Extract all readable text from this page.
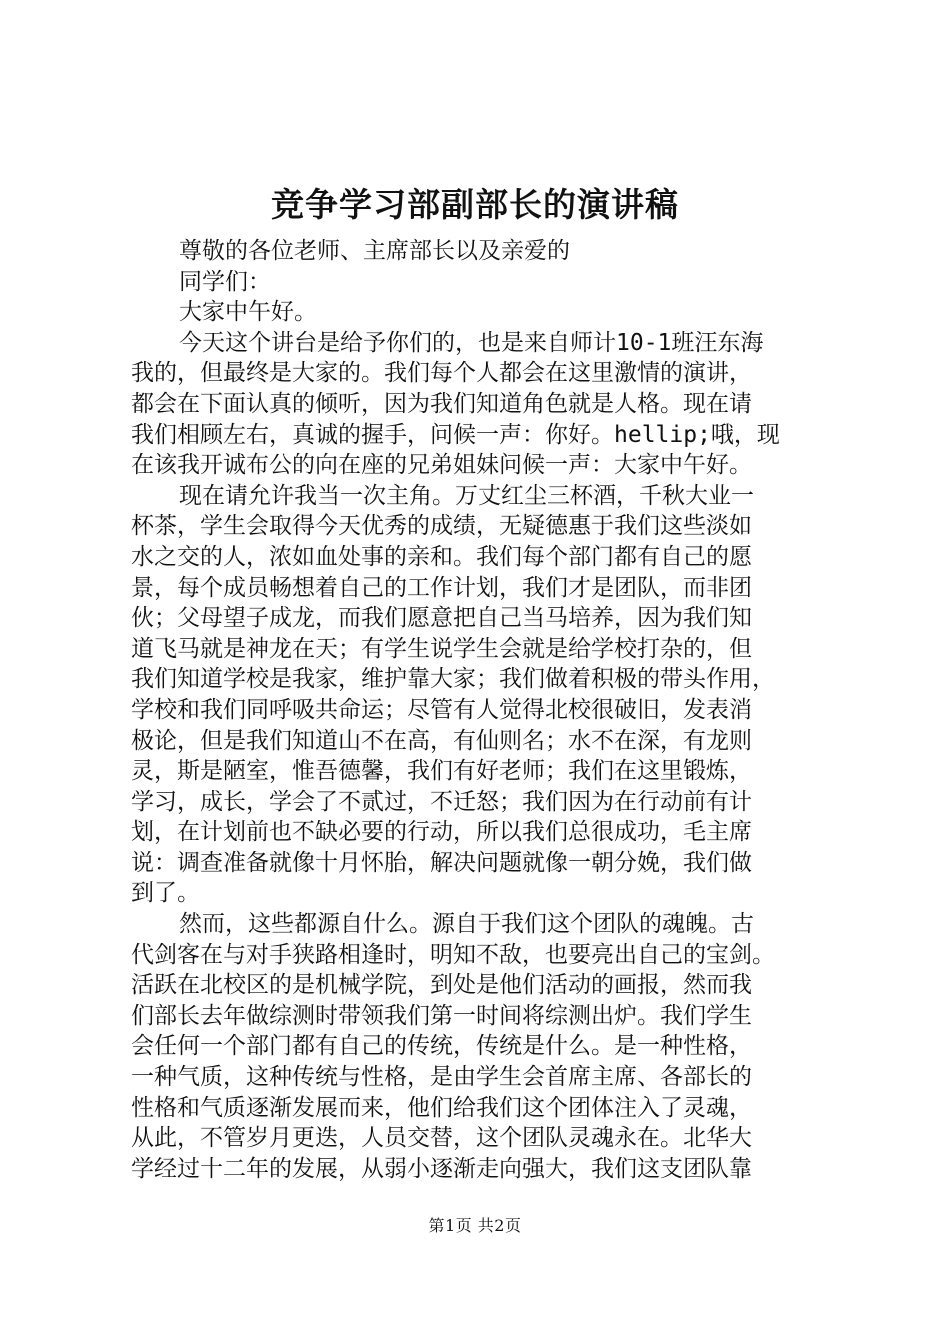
竞争学习部副部长的演讲稿
尊敬的各位老师、主席部长以及亲爱的
同学们：
大家中午好。
今天这个讲台是给予你们的，也是来自师计10-1班汪东海
我的，但最终是大家的。我们每个人都会在这里激情的演讲，
都会在下面认真的倾听，因为我们知道角色就是人格。现在请
我们相顾左右，真诚的握手，问候一声：你好。hellip;哦，现
在该我开诚布公的向在座的兄弟姐妹问候一声：大家中午好。
现在请允许我当一次主角。万丈红尘三杯酒，千秋大业一
杯茶，学生会取得今天优秀的成绩，无疑德惠于我们这些淡如
水之交的人，浓如血处事的亲和。我们每个部门都有自己的愿
景，每个成员畅想着自己的工作计划，我们才是团队，而非团
伙；父母望子成龙，而我们愿意把自己当马培养，因为我们知
道飞马就是神龙在天；有学生说学生会就是给学校打杂的，但
我们知道学校是我家，维护靠大家；我们做着积极的带头作用，
学校和我们同呼吸共命运；尽管有人觉得北校很破旧，发表消
极论，但是我们知道山不在高，有仙则名；水不在深，有龙则
灵，斯是陋室，惟吾德馨，我们有好老师；我们在这里锻炼，
学习，成长，学会了不贰过，不迁怒；我们因为在行动前有计
划，在计划前也不缺必要的行动，所以我们总很成功，毛主席
说：调查准备就像十月怀胎，解决问题就像一朝分娩，我们做
到了。
然而，这些都源自什么。源自于我们这个团队的魂魄。古
代剑客在与对手狭路相逢时，明知不敌，也要亮出自己的宝剑。
活跃在北校区的是机械学院，到处是他们活动的画报，然而我
们部长去年做综测时带领我们第一时间将综测出炉。我们学生
会任何一个部门都有自己的传统，传统是什么。是一种性格，
一种气质，这种传统与性格，是由学生会首席主席、各部长的
性格和气质逐渐发展而来，他们给我们这个团体注入了灵魂，
从此，不管岁月更迭，人员交替，这个团队灵魂永在。北华大
学经过十二年的发展，从弱小逐渐走向强大，我们这支团队靠
第1页 共2页
